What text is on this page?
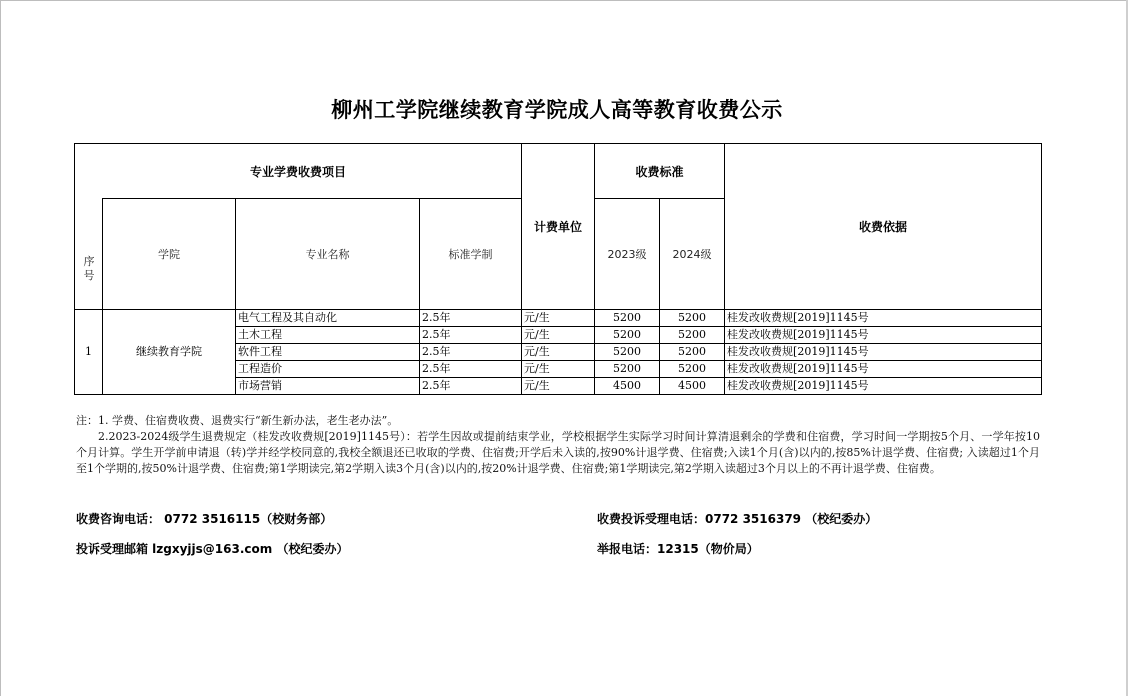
柳州工学院继续教育学院成人高等教育收费公示
专业学费收费项目				计费单位	收费标准		收费依据
序号	学院	专业名称	标准学制		2023级	2024级	
1	继续教育学院	电气工程及其自动化	2.5年	元/生	5200	5200	桂发改收费规[2019]1145号
		土木工程	2.5年	元/生	5200	5200	桂发改收费规[2019]1145号
		软件工程	2.5年	元/生	5200	5200	桂发改收费规[2019]1145号
		工程造价	2.5年	元/生	5200	5200	桂发改收费规[2019]1145号
		市场营销	2.5年	元/生	4500	4500	桂发改收费规[2019]1145号

注：1. 学费、住宿费收费、退费实行“新生新办法，老生老办法”。

2.2023-2024级学生退费规定（桂发改收费规[2019]1145号）：若学生因故或提前结束学业，学校根据学生实际学习时间计算清退剩余的学费和住宿费，学习时间一学期按5个月、一学年按10个月计算。学生开学前申请退（转)学并经学校同意的,我校全额退还已收取的学费、住宿费;开学后未入读的,按90%计退学费、住宿费;入读1个月(含)以内的,按85%计退学费、住宿费; 入读超过1个月至1个学期的,按50%计退学费、住宿费;第1学期读完,第2学期入读3个月(含)以内的,按20%计退学费、住宿费;第1学期读完,第2学期入读超过3个月以上的不再计退学费、住宿费。

收费咨询电话： 0772 3516115（校财务部）	收费投诉受理电话：0772 3516379 （校纪委办）
投诉受理邮箱 lzgxyjjs@163.com （校纪委办）	举报电话：12315（物价局）
